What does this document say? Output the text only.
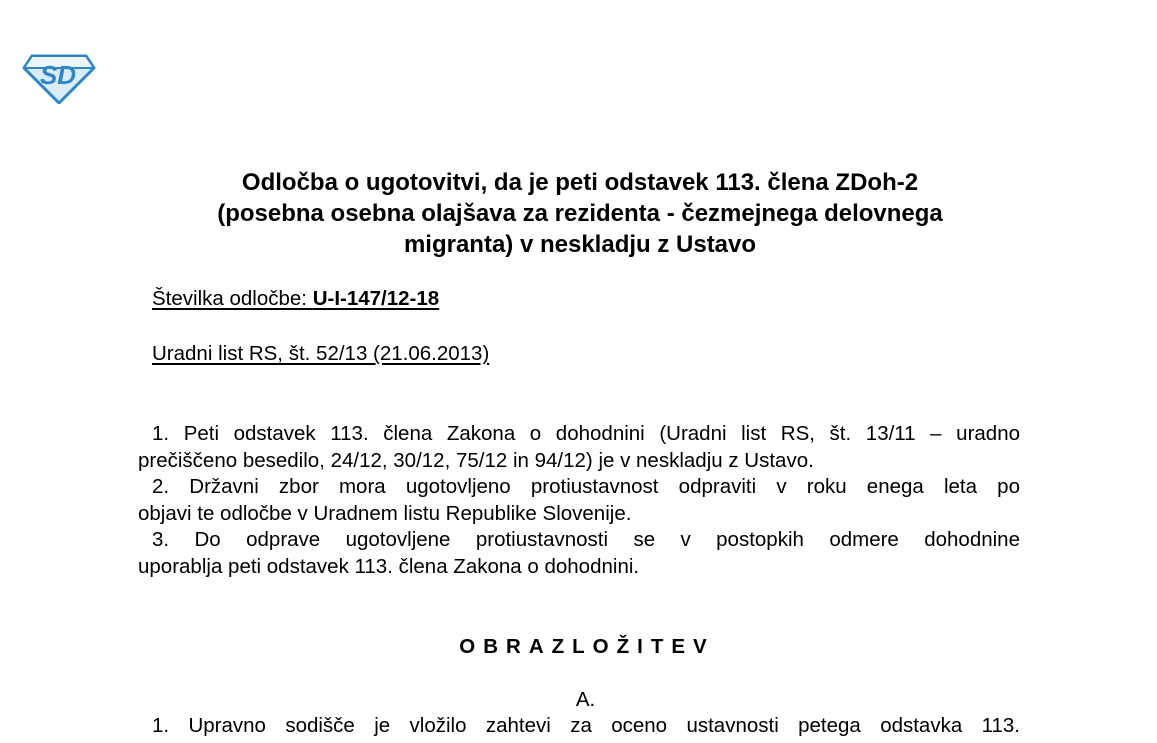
SD
Odločba o ugotovitvi, da je peti odstavek 113. člena ZDoh-2
(posebna osebna olajšava za rezidenta - čezmejnega delovnega
migranta) v neskladju z Ustavo
Številka odločbe: U-I-147/12-18
Uradni list RS, št. 52/13 (21.06.2013)
1. Peti odstavek 113. člena Zakona o dohodnini (Uradni list RS, št. 13/11 – uradno
prečiščeno besedilo, 24/12, 30/12, 75/12 in 94/12) je v neskladju z Ustavo.
2. Državni zbor mora ugotovljeno protiustavnost odpraviti v roku enega leta po
objavi te odločbe v Uradnem listu Republike Slovenije.
3. Do odprave ugotovljene protiustavnosti se v postopkih odmere dohodnine
uporablja peti odstavek 113. člena Zakona o dohodnini.
OBRAZLOŽITEV
A.
1. Upravno sodišče je vložilo zahtevi za oceno ustavnosti petega odstavka 113.
